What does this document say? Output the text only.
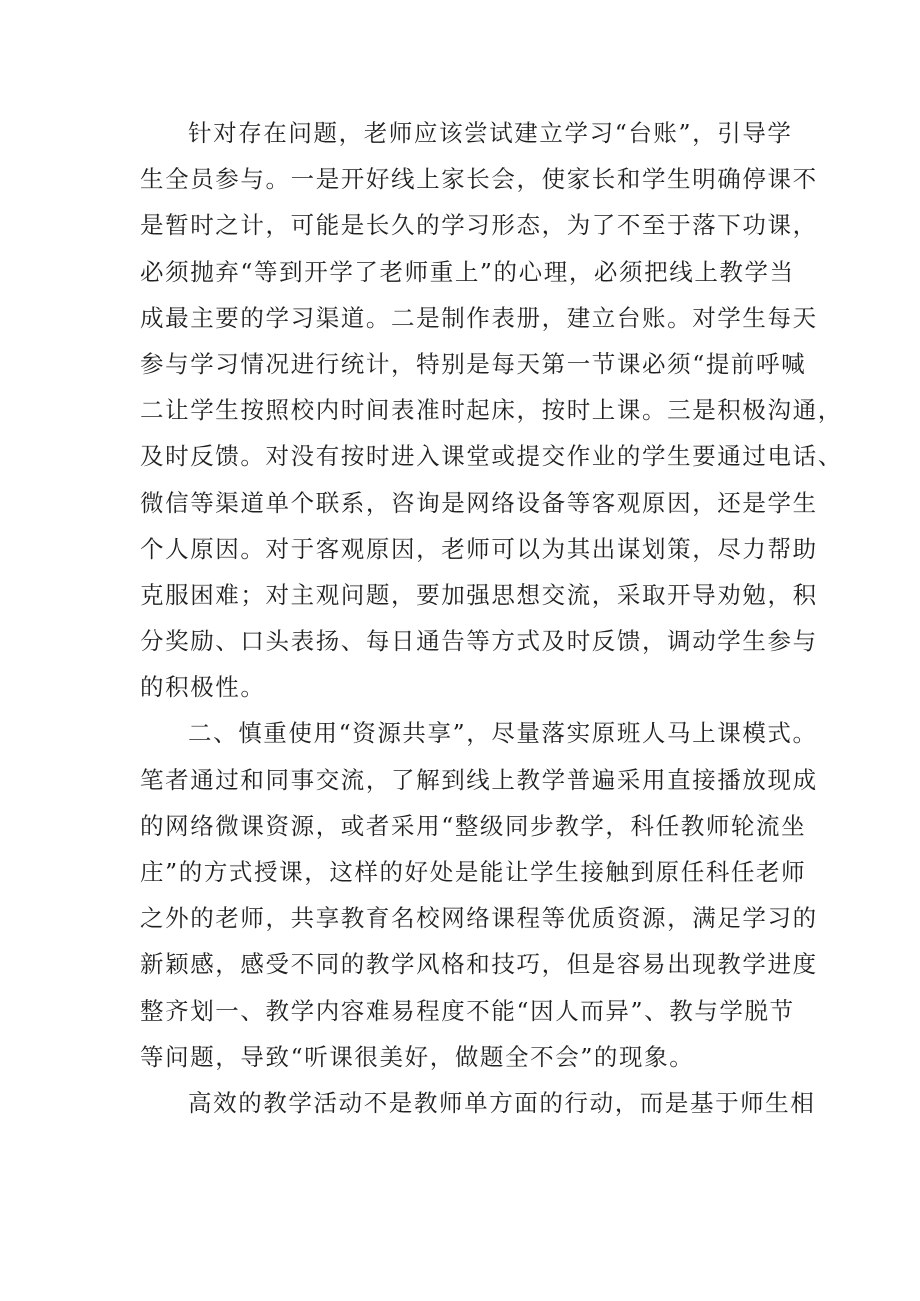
针对存在问题，老师应该尝试建立学习“台账”，引导学
生全员参与。一是开好线上家长会，使家长和学生明确停课不
是暂时之计，可能是长久的学习形态，为了不至于落下功课，
必须抛弃“等到开学了老师重上”的心理，必须把线上教学当
成最主要的学习渠道。二是制作表册，建立台账。对学生每天
参与学习情况进行统计，特别是每天第一节课必须“提前呼喊
二让学生按照校内时间表准时起床，按时上课。三是积极沟通，
及时反馈。对没有按时进入课堂或提交作业的学生要通过电话、
微信等渠道单个联系，咨询是网络设备等客观原因，还是学生
个人原因。对于客观原因，老师可以为其出谋划策，尽力帮助
克服困难；对主观问题，要加强思想交流，采取开导劝勉，积
分奖励、口头表扬、每日通告等方式及时反馈，调动学生参与
的积极性。
二、慎重使用“资源共享”，尽量落实原班人马上课模式。
笔者通过和同事交流，了解到线上教学普遍采用直接播放现成
的网络微课资源，或者采用“整级同步教学，科任教师轮流坐
庄”的方式授课，这样的好处是能让学生接触到原任科任老师
之外的老师，共享教育名校网络课程等优质资源，满足学习的
新颖感，感受不同的教学风格和技巧，但是容易出现教学进度
整齐划一、教学内容难易程度不能“因人而异”、教与学脱节
等问题，导致“听课很美好，做题全不会”的现象。
高效的教学活动不是教师单方面的行动，而是基于师生相
